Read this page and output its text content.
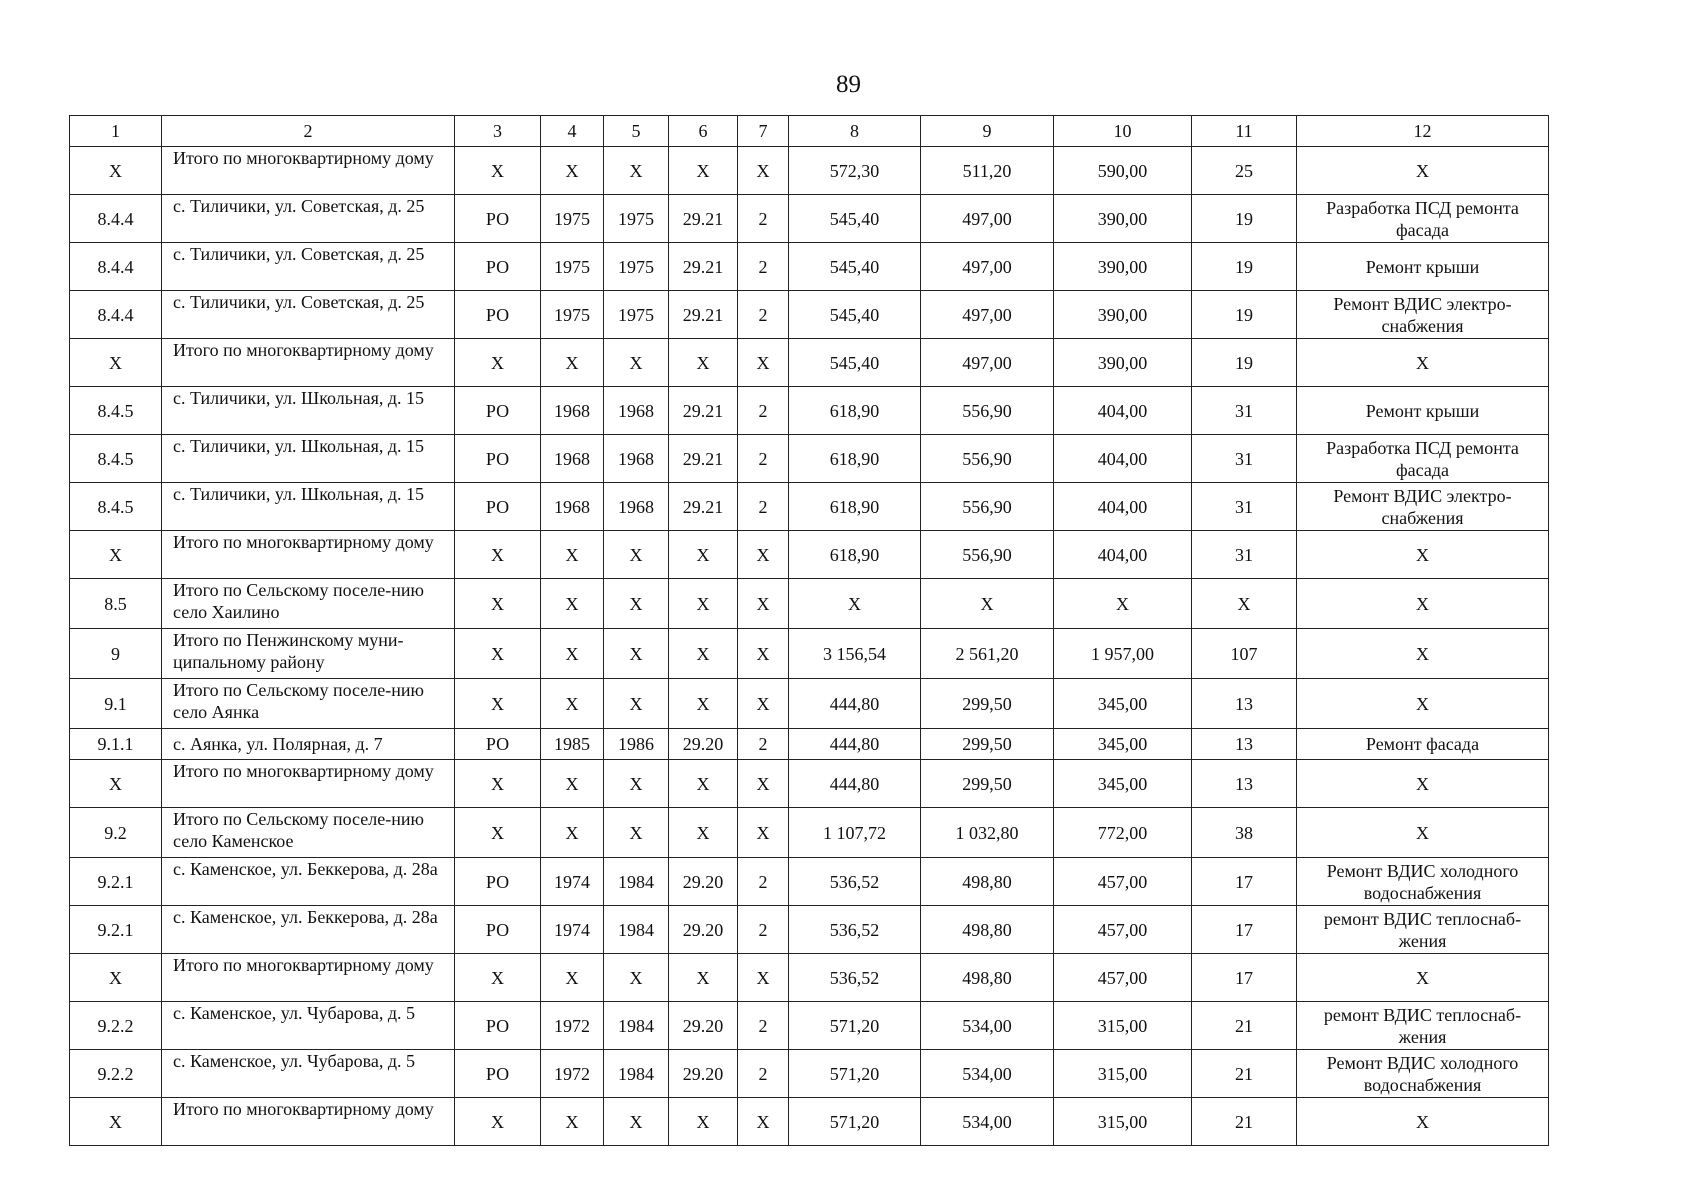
89
1	2	3	4	5	6	7	8	9	10	11	12
Х	Итого по многоквартирному дому	Х	Х	Х	Х	Х	572,30	511,20	590,00	25	Х
8.4.4	с. Тиличики, ул. Советская, д. 25	РО	1975	1975	29.21	2	545,40	497,00	390,00	19	Разработка ПСД ремонта фасада
8.4.4	с. Тиличики, ул. Советская, д. 25	РО	1975	1975	29.21	2	545,40	497,00	390,00	19	Ремонт крыши
8.4.4	с. Тиличики, ул. Советская, д. 25	РО	1975	1975	29.21	2	545,40	497,00	390,00	19	Ремонт ВДИС электро-снабжения
Х	Итого по многоквартирному дому	Х	Х	Х	Х	Х	545,40	497,00	390,00	19	Х
8.4.5	с. Тиличики, ул. Школьная, д. 15	РО	1968	1968	29.21	2	618,90	556,90	404,00	31	Ремонт крыши
8.4.5	с. Тиличики, ул. Школьная, д. 15	РО	1968	1968	29.21	2	618,90	556,90	404,00	31	Разработка ПСД ремонта фасада
8.4.5	с. Тиличики, ул. Школьная, д. 15	РО	1968	1968	29.21	2	618,90	556,90	404,00	31	Ремонт ВДИС электро-снабжения
Х	Итого по многоквартирному дому	Х	Х	Х	Х	Х	618,90	556,90	404,00	31	Х
8.5	Итого по Сельскому поселе-нию село Хаилино	Х	Х	Х	Х	Х	Х	Х	Х	Х	Х
9	Итого по Пенжинскому муни-ципальному району	Х	Х	Х	Х	Х	3 156,54	2 561,20	1 957,00	107	Х
9.1	Итого по Сельскому поселе-нию село Аянка	Х	Х	Х	Х	Х	444,80	299,50	345,00	13	Х
9.1.1	с. Аянка, ул. Полярная, д. 7	РО	1985	1986	29.20	2	444,80	299,50	345,00	13	Ремонт фасада
Х	Итого по многоквартирному дому	Х	Х	Х	Х	Х	444,80	299,50	345,00	13	Х
9.2	Итого по Сельскому поселе-нию село Каменское	Х	Х	Х	Х	Х	1 107,72	1 032,80	772,00	38	Х
9.2.1	с. Каменское, ул. Беккерова, д. 28а	РО	1974	1984	29.20	2	536,52	498,80	457,00	17	Ремонт ВДИС холодного водоснабжения
9.2.1	с. Каменское, ул. Беккерова, д. 28а	РО	1974	1984	29.20	2	536,52	498,80	457,00	17	ремонт ВДИС теплоснаб-жения
Х	Итого по многоквартирному дому	Х	Х	Х	Х	Х	536,52	498,80	457,00	17	Х
9.2.2	с. Каменское, ул. Чубарова, д. 5	РО	1972	1984	29.20	2	571,20	534,00	315,00	21	ремонт ВДИС теплоснаб-жения
9.2.2	с. Каменское, ул. Чубарова, д. 5	РО	1972	1984	29.20	2	571,20	534,00	315,00	21	Ремонт ВДИС холодного водоснабжения
Х	Итого по многоквартирному дому	Х	Х	Х	Х	Х	571,20	534,00	315,00	21	Х
